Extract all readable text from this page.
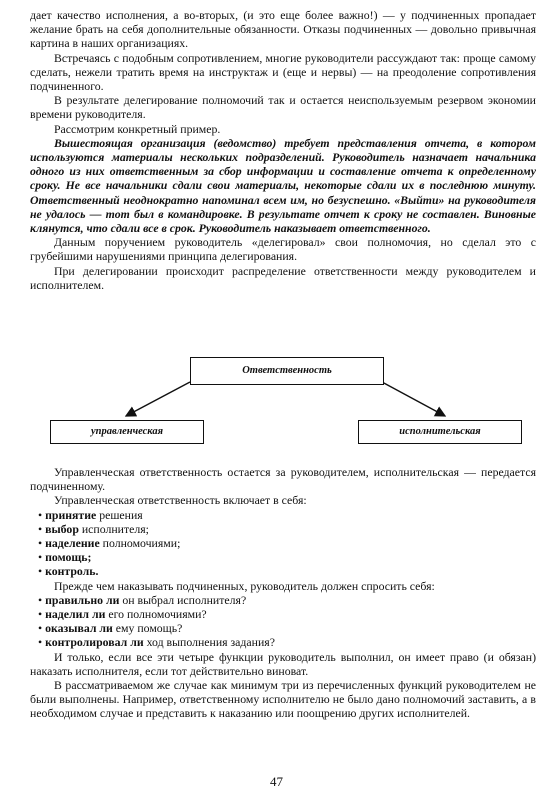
дает качество исполнения, а во-вторых, (и это еще более важно!) — у подчиненных пропадает желание брать на себя дополнительные обязанности. Отказы подчиненных — довольно привычная картина в наших организациях.

Встречаясь с подобным сопротивлением, многие руководители рассуждают так: проще самому сделать, нежели тратить время на инструктаж и (еще и нервы) — на преодоление сопротивления подчиненного.

В результате делегирование полномочий так и остается неиспользуемым резервом экономии времени руководителя.

Рассмотрим конкретный пример.

Вышестоящая организация (ведомство) требует представления отчета, в котором используются материалы нескольких подразделений. Руководитель назначает начальника одного из них ответственным за сбор информации и составление отчета к определенному сроку. Не все начальники сдали свои материалы, некоторые сдали их в последнюю минуту. Ответственный неоднократно напоминал всем им, но безуспешно. «Выйти» на руководителя не удалось — тот был в командировке. В результате отчет к сроку не составлен. Виновные клянутся, что сдали все в срок. Руководитель наказывает ответственного.

Данным поручением руководитель «делегировал» свои полномочия, но сделал это с грубейшими нарушениями принципа делегирования.

При делегировании происходит распределение ответственности между руководителем и исполнителем.

Ответственность
управленческая	исполнительская

Управленческая ответственность остается за руководителем, исполнительская — передается подчиненному.

Управленческая ответственность включает в себя:

• принятие решения
• выбор исполнителя;
• наделение полномочиями;
• помощь;
• контроль.

Прежде чем наказывать подчиненных, руководитель должен спросить себя:

• правильно ли он выбрал исполнителя?
• наделил ли его полномочиями?
• оказывал ли ему помощь?
• контролировал ли ход выполнения задания?

И только, если все эти четыре функции руководитель выполнил, он имеет право (и обязан) наказать исполнителя, если тот действительно виноват.

В рассматриваемом же случае как минимум три из перечисленных функций руководителем не были выполнены. Например, ответственному исполнителю не было дано полномочий заставить, а в необходимом случае и представить к наказанию или поощрению других исполнителей.

47
